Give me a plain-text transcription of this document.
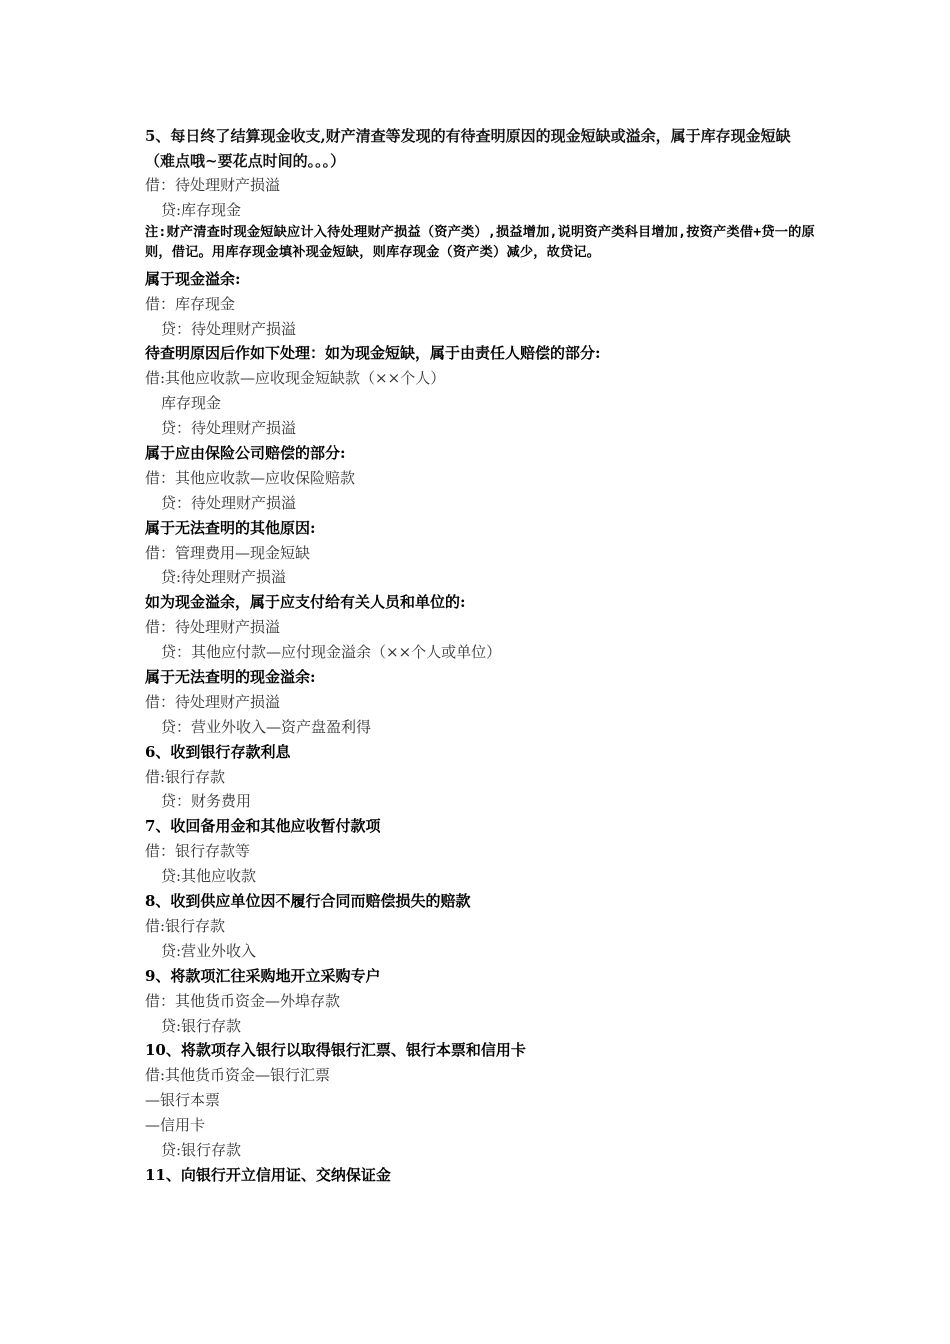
5、每日终了结算现金收支,财产清查等发现的有待查明原因的现金短缺或溢余，属于库存现金短缺 （难点哦~要花点时间的。。。）

借：待处理财产损溢

贷:库存现金

注:财产清查时现金短缺应计入待处理财产损益（资产类）,损益增加,说明资产类科目增加,按资产类借+贷一的原则，借记。用库存现金填补现金短缺，则库存现金（资产类）减少，故贷记。

属于现金溢余:

借：库存现金

贷：待处理财产损溢

待查明原因后作如下处理：如为现金短缺，属于由责任人赔偿的部分:

借:其他应收款—应收现金短缺款（××个人）

库存现金

贷：待处理财产损溢

属于应由保险公司赔偿的部分:

借：其他应收款—应收保险赔款

贷：待处理财产损溢

属于无法查明的其他原因:

借：管理费用—现金短缺

贷:待处理财产损溢

如为现金溢余，属于应支付给有关人员和单位的:

借：待处理财产损溢

贷：其他应付款—应付现金溢余（××个人或单位）

属于无法查明的现金溢余:

借：待处理财产损溢

贷：营业外收入—资产盘盈利得

6、收到银行存款利息

借:银行存款

贷：财务费用

7、收回备用金和其他应收暂付款项

借：银行存款等

贷:其他应收款

8、收到供应单位因不履行合同而赔偿损失的赔款

借:银行存款

贷:营业外收入

9、将款项汇往采购地开立采购专户

借：其他货币资金—外埠存款

贷:银行存款

10、将款项存入银行以取得银行汇票、银行本票和信用卡

借:其他货币资金—银行汇票

—银行本票

—信用卡

贷:银行存款

11、向银行开立信用证、交纳保证金
